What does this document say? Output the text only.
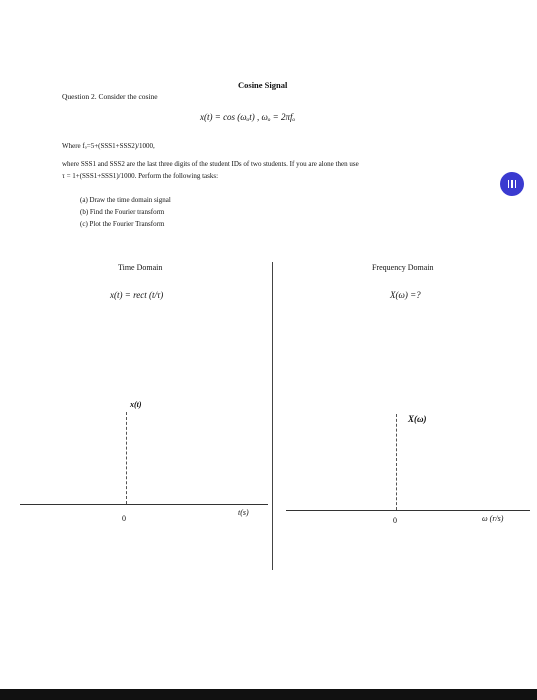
Cosine Signal
Question 2. Consider the cosine
x(t) = cos (ωₒt) , ωₒ = 2πfₒ
Where fₒ=5+(SSS1+SSS2)/1000,
where SSS1 and SSS2 are the last three digits of the student IDs of two students. If you are alone then use
τ = 1+(SSS1+SSS1)/1000. Perform the following tasks:
(a) Draw the time domain signal
(b) Find the Fourier transform
(c) Plot the Fourier Transform
Time Domain
x(t) = rect (t/τ)
x(t)
0
t(s)
Frequency Domain
X(ω) =?
X(ω)
0	ω (r/s)
